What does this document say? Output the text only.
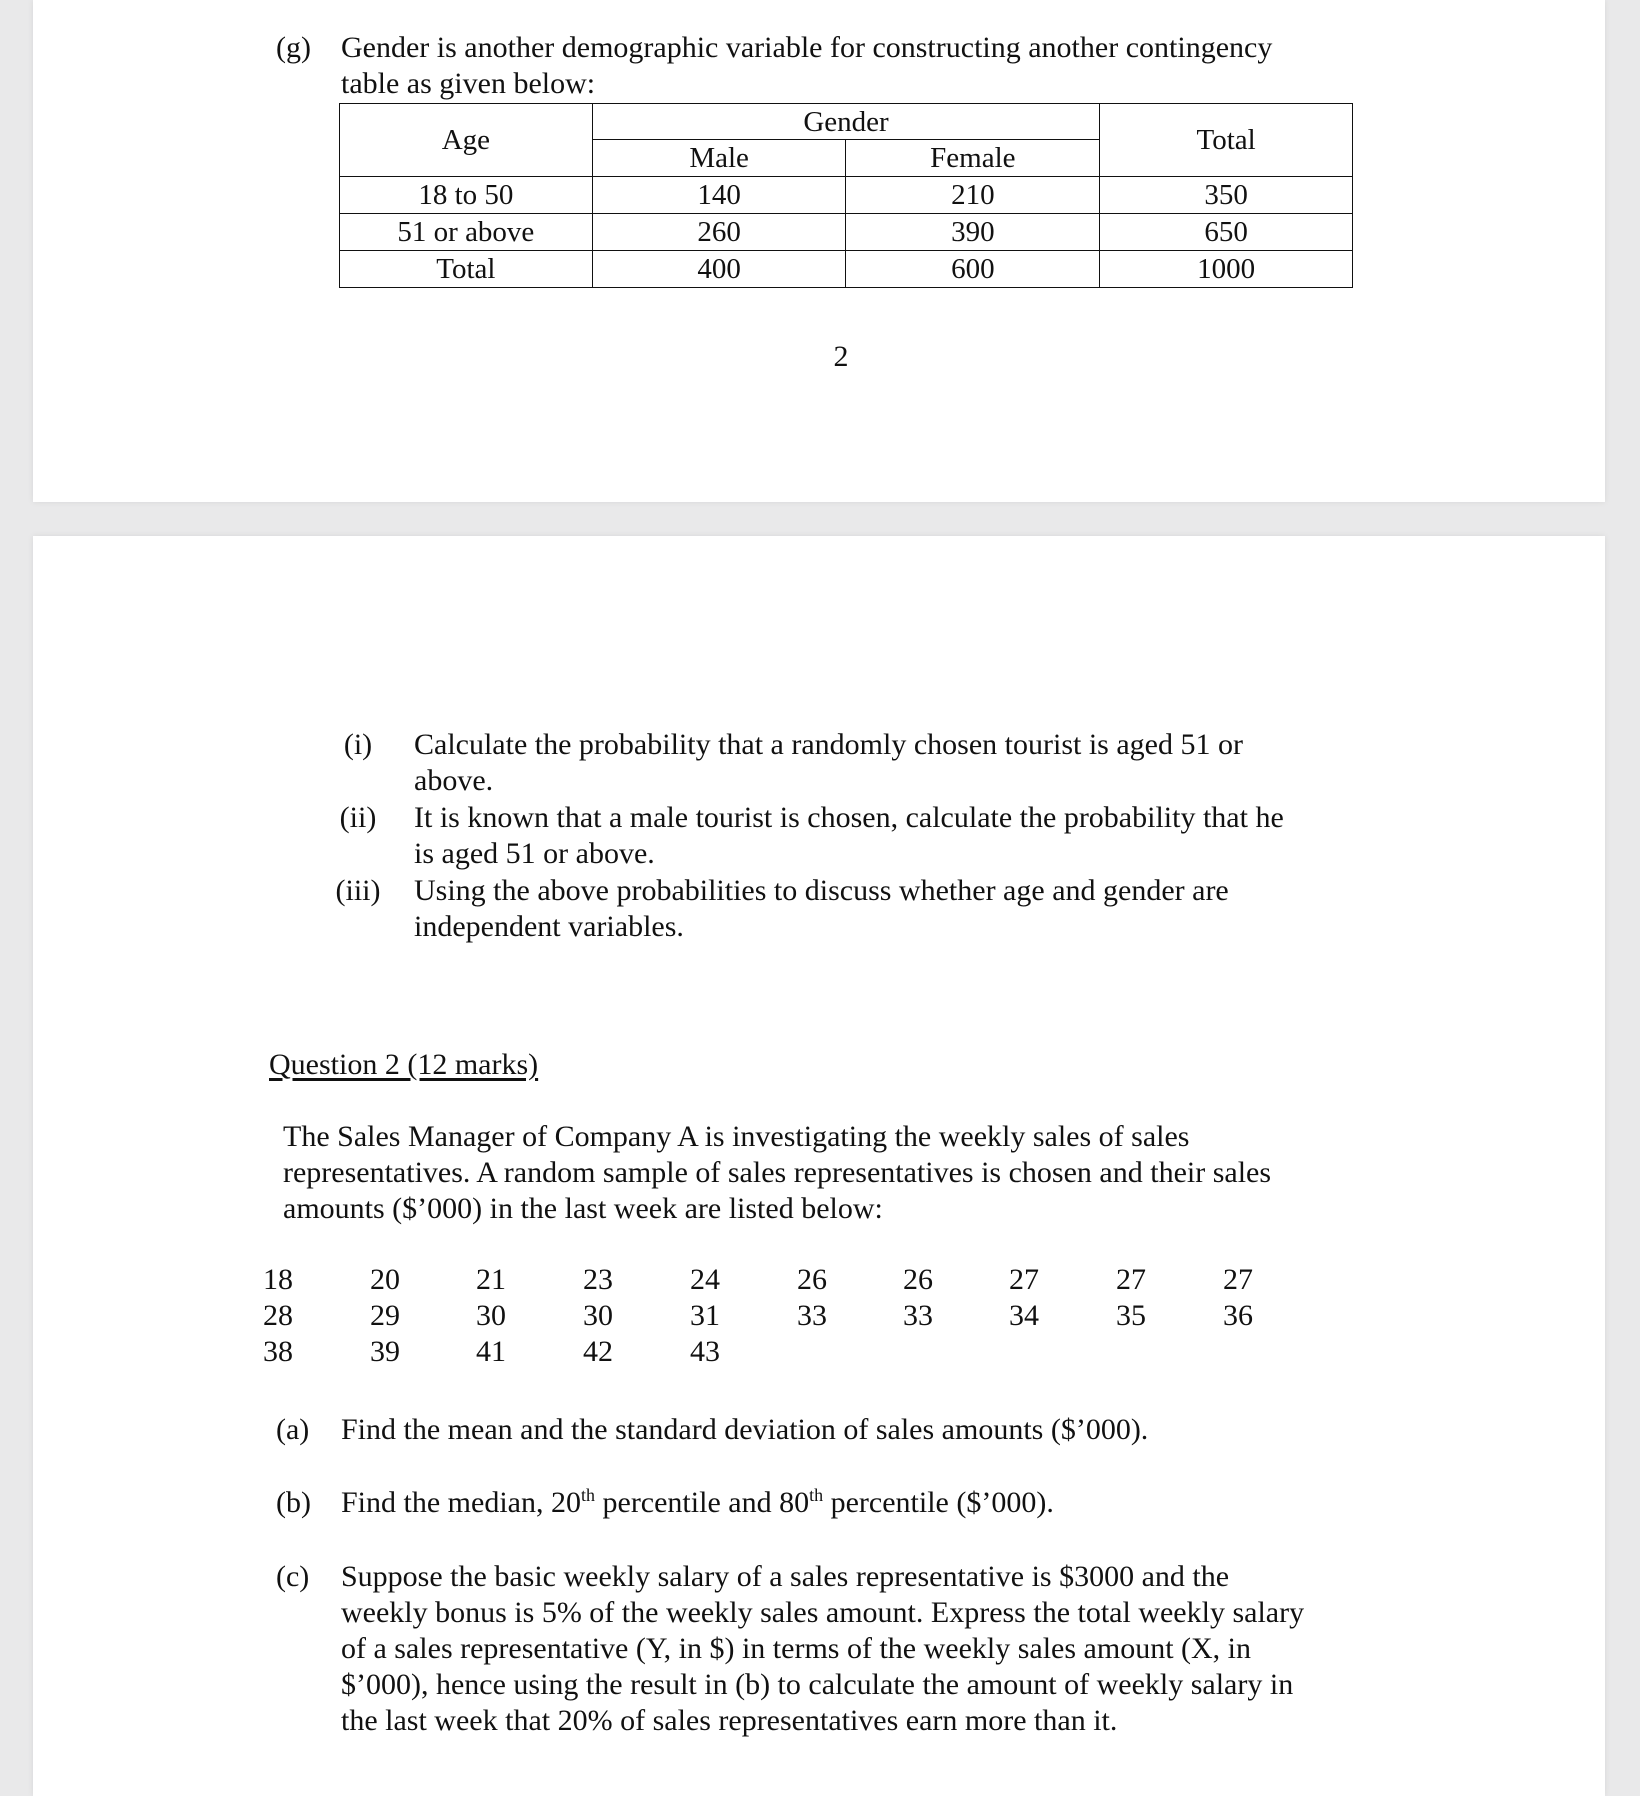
(g) Gender is another demographic variable for constructing another contingency
table as given below:
Age	Gender		Total
	Male	Female	
18 to 50	140	210	350
51 or above	260	390	650
Total	400	600	1000
2
(i)	Calculate the probability that a randomly chosen tourist is aged 51 or
above.
(ii)	It is known that a male tourist is chosen, calculate the probability that he
is aged 51 or above.
(iii)	Using the above probabilities to discuss whether age and gender are
independent variables.
Question 2 (12 marks)
The Sales Manager of Company A is investigating the weekly sales of sales
representatives. A random sample of sales representatives is chosen and their sales
amounts ($’000) in the last week are listed below:
(a) Find the mean and the standard deviation of sales amounts ($’000).
(b) Find the median, 20th percentile and 80th percentile ($’000).
(c) Suppose the basic weekly salary of a sales representative is $3000 and the
weekly bonus is 5% of the weekly sales amount. Express the total weekly salary
of a sales representative (Y, in $) in terms of the weekly sales amount (X, in
$’000), hence using the result in (b) to calculate the amount of weekly salary in
the last week that 20% of sales representatives earn more than it.
18	20	21	23	24	26	26	27	27	27
28	29	30	30	31	33	33	34	35	36
38	39	41	42	43
